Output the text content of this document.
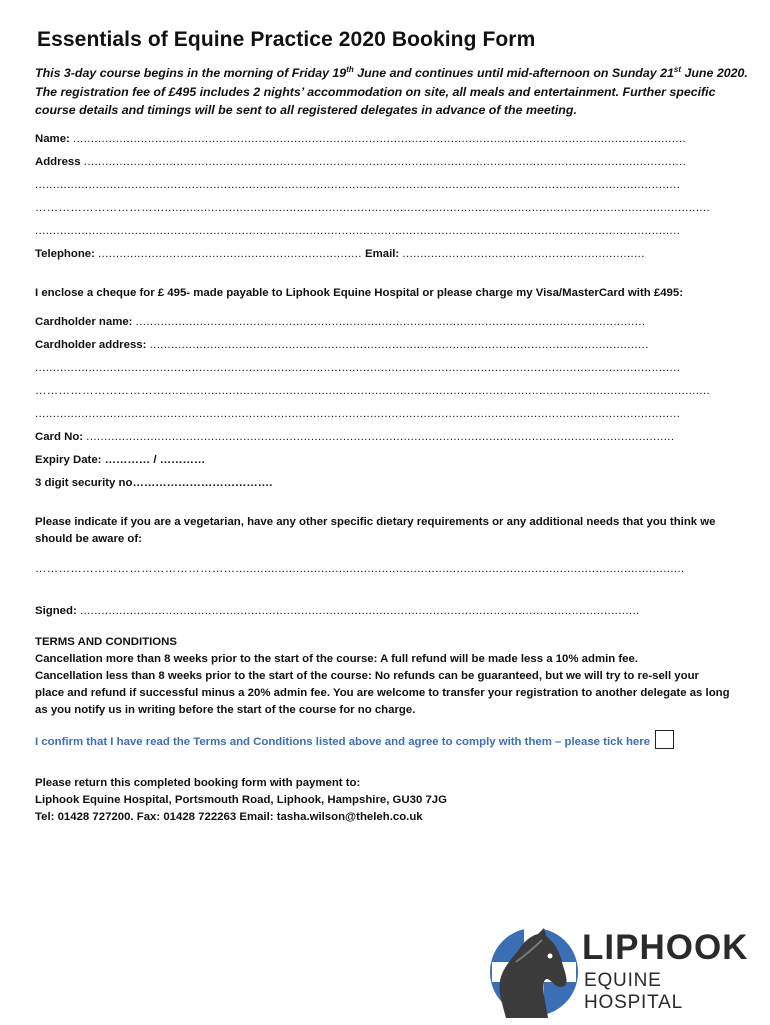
Essentials of Equine Practice 2020 Booking Form
This 3-day course begins in the morning of Friday 19th June and continues until mid-afternoon on Sunday 21st June 2020. The registration fee of £495 includes 2 nights’ accommodation on site, all meals and entertainment. Further specific course details and timings will be sent to all registered delegates in advance of the meeting.
Name: ............................................................................................................................................................................
Address .........................................................................................................................................................................
.....................................................................................................................................................................................
…………………………….........................................................................................................................................................
.....................................................................................................................................................................................
Telephone: .......................................................................... Email: ....................................................................
I enclose a cheque for £ 495- made payable to Liphook Equine Hospital or please charge my Visa/MasterCard with £495:
Cardholder name: ...............................................................................................................................................
Cardholder address: ............................................................................................................................................
.....................................................................................................................................................................................
…………………………….........................................................................................................................................................
.....................................................................................................................................................................................
Card No: .....................................................................................................................................................................
Expiry Date: ………… / …………
3 digit security no……………………………….
Please indicate if you are a vegetarian, have any other specific dietary requirements or any additional needs that you think we should be aware of:
……………………………………………..............................................................................................................................
Signed: .............................................................................................................................................................
TERMS AND CONDITIONS
Cancellation more than 8 weeks prior to the start of the course: A full refund will be made less a 10% admin fee.
Cancellation less than 8 weeks prior to the start of the course: No refunds can be guaranteed, but we will try to re-sell your place and refund if successful minus a 20% admin fee. You are welcome to transfer your registration to another delegate as long as you notify us in writing before the start of the course for no charge.
I confirm that I have read the Terms and Conditions listed above and agree to comply with them – please tick here
Please return this completed booking form with payment to:
Liphook Equine Hospital, Portsmouth Road, Liphook, Hampshire, GU30 7JG
Tel: 01428 727200. Fax: 01428 722263 Email: tasha.wilson@theleh.co.uk
LIPHOOK
EQUINE HOSPITAL
